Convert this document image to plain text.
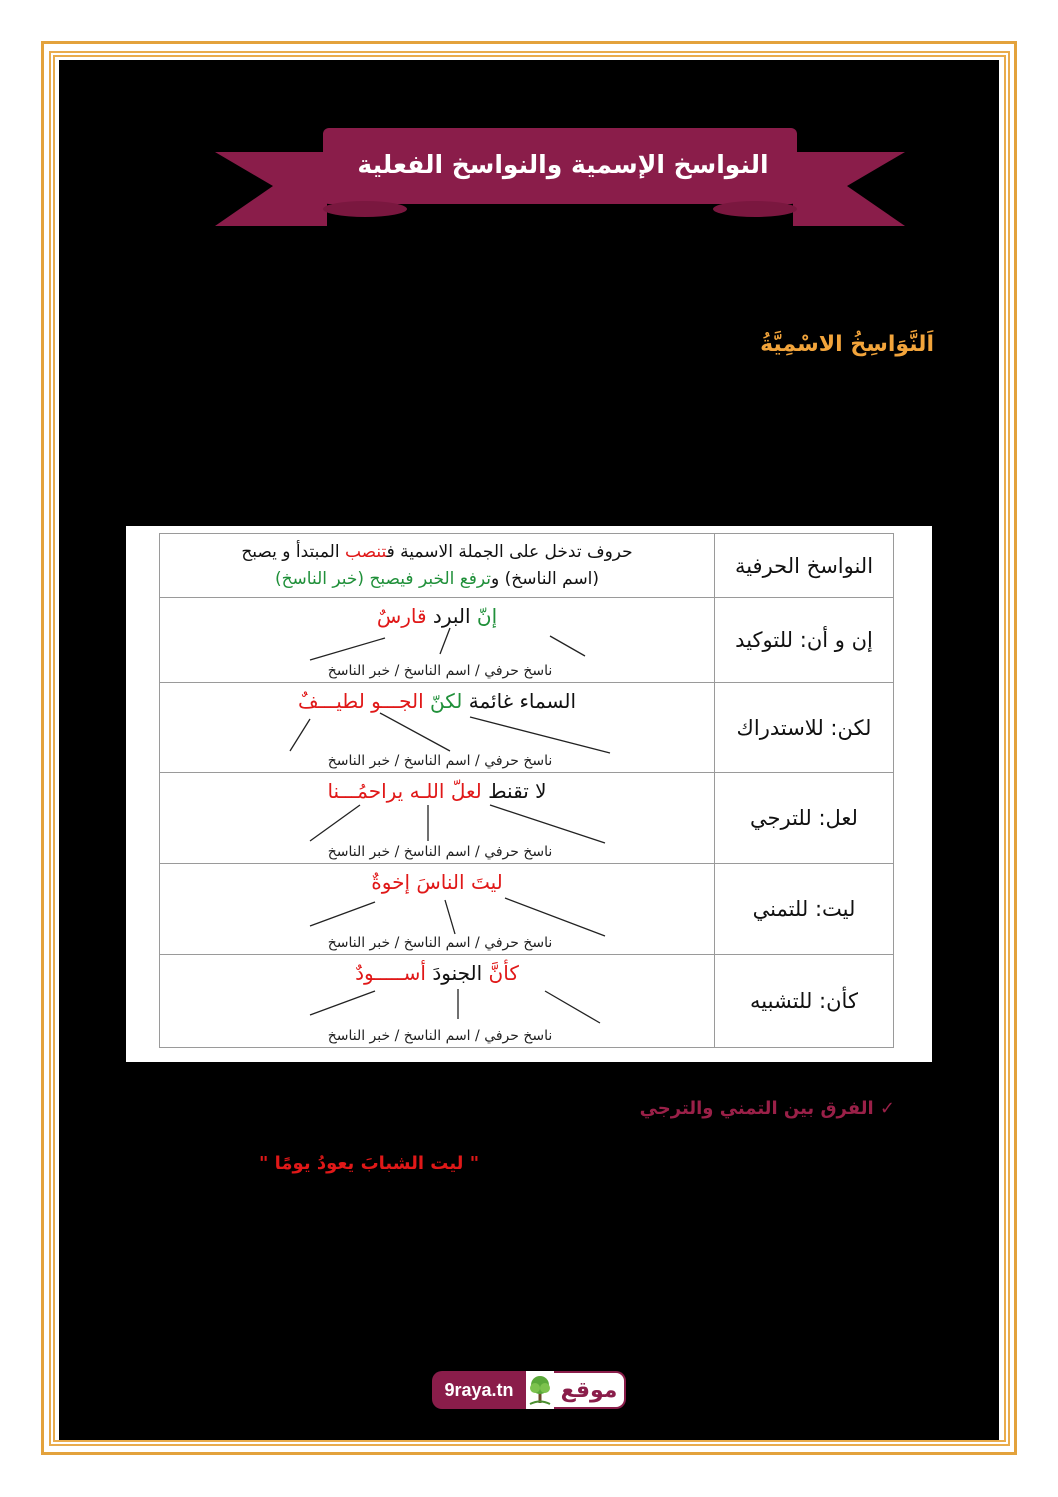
النواسخ الإسمية والنواسخ الفعلية
اَلنَّوَاسِخُ الاسْمِيَّةُ
النواسخ الحرفية	حروف تدخل على الجملة الاسمية فتنصب المبتدأ و يصبح
(اسم الناسخ) وترفع الخبر فيصبح (خبر الناسخ)

إن و أن: للتوكيد	إنّ البرد قارسٌ
ناسخ حرفي / اسم الناسخ / خبر الناسخ

لكن: للاستدراك	السماء غائمة لكنّ الجـــو لطيـــفٌ
ناسخ حرفي / اسم الناسخ / خبر الناسخ

لعل: للترجي	لا تقنط لعلّ اللـه يراحمُـــنا
ناسخ حرفي / اسم الناسخ / خبر الناسخ

ليت: للتمني	ليتَ الناسَ إخوةٌ
ناسخ حرفي / اسم الناسخ / خبر الناسخ

كأن: للتشبيه	كأنَّ الجنودَ أســـــودٌ
ناسخ حرفي / اسم الناسخ / خبر الناسخ
✓ الفرق بين التمني والترجي
" ليت الشبابَ يعودُ يومًا "
9raya.tn	موقع
